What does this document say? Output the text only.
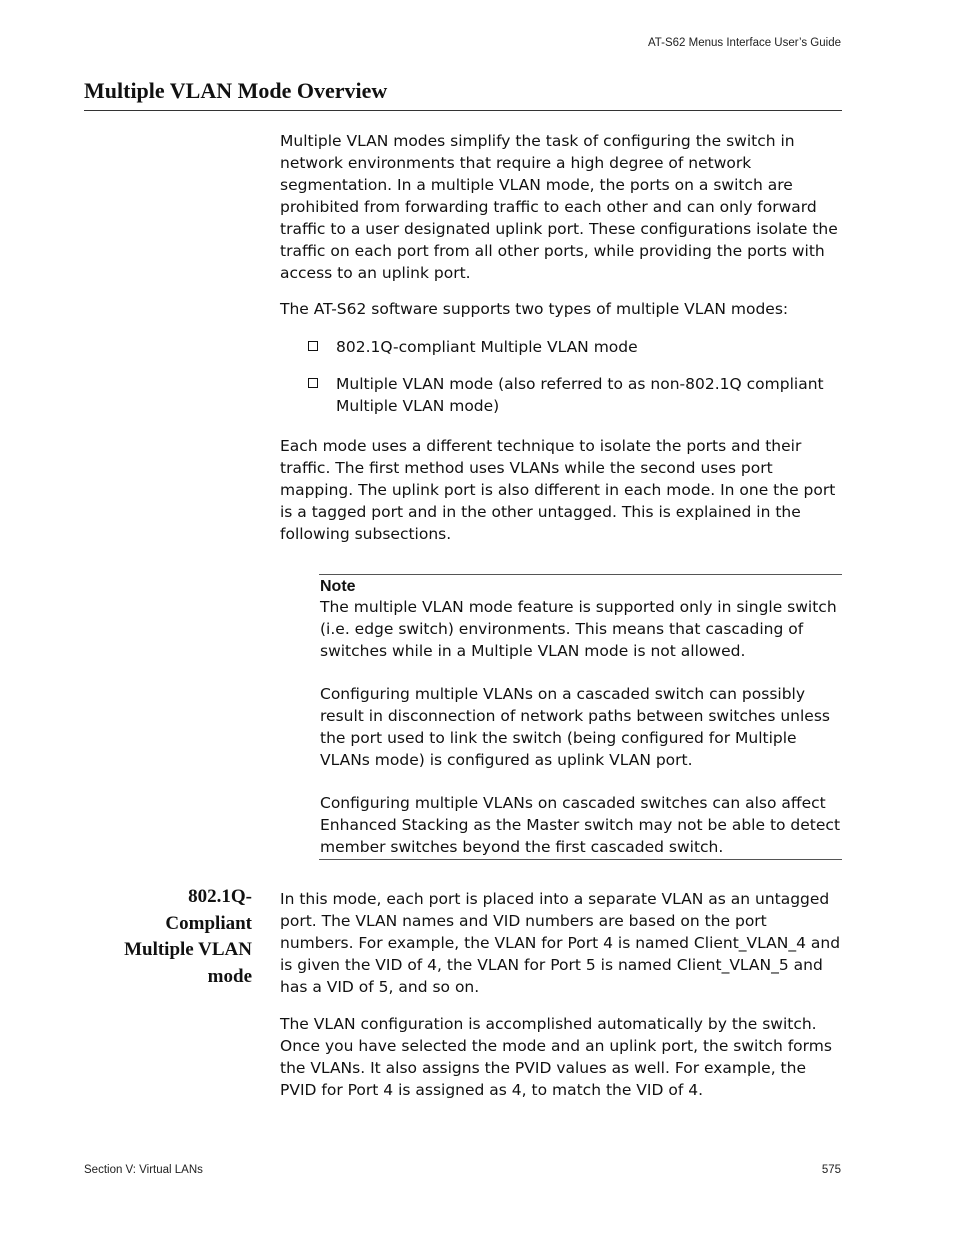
AT-S62 Menus Interface User’s Guide
Multiple VLAN Mode Overview

Multiple VLAN modes simplify the task of configuring the switch in network environments that require a high degree of network segmentation. In a multiple VLAN mode, the ports on a switch are prohibited from forwarding traffic to each other and can only forward traffic to a user designated uplink port. These configurations isolate the traffic on each port from all other ports, while providing the ports with access to an uplink port.

The AT-S62 software supports two types of multiple VLAN modes:

802.1Q-compliant Multiple VLAN mode
Multiple VLAN mode (also referred to as non-802.1Q compliant Multiple VLAN mode)

Each mode uses a different technique to isolate the ports and their traffic. The first method uses VLANs while the second uses port mapping. The uplink port is also different in each mode. In one the port is a tagged port and in the other untagged. This is explained in the following subsections.

Note

The multiple VLAN mode feature is supported only in single switch (i.e. edge switch) environments. This means that cascading of switches while in a Multiple VLAN mode is not allowed.

Configuring multiple VLANs on a cascaded switch can possibly result in disconnection of network paths between switches unless the port used to link the switch (being configured for Multiple VLANs mode) is configured as uplink VLAN port.

Configuring multiple VLANs on cascaded switches can also affect Enhanced Stacking as the Master switch may not be able to detect member switches beyond the first cascaded switch.

802.1Q-
Compliant
Multiple VLAN
mode

In this mode, each port is placed into a separate VLAN as an untagged port. The VLAN names and VID numbers are based on the port numbers. For example, the VLAN for Port 4 is named Client_VLAN_4 and is given the VID of 4, the VLAN for Port 5 is named Client_VLAN_5 and has a VID of 5, and so on.

The VLAN configuration is accomplished automatically by the switch. Once you have selected the mode and an uplink port, the switch forms the VLANs. It also assigns the PVID values as well. For example, the PVID for Port 4 is assigned as 4, to match the VID of 4.

Section V: Virtual LANs	575
